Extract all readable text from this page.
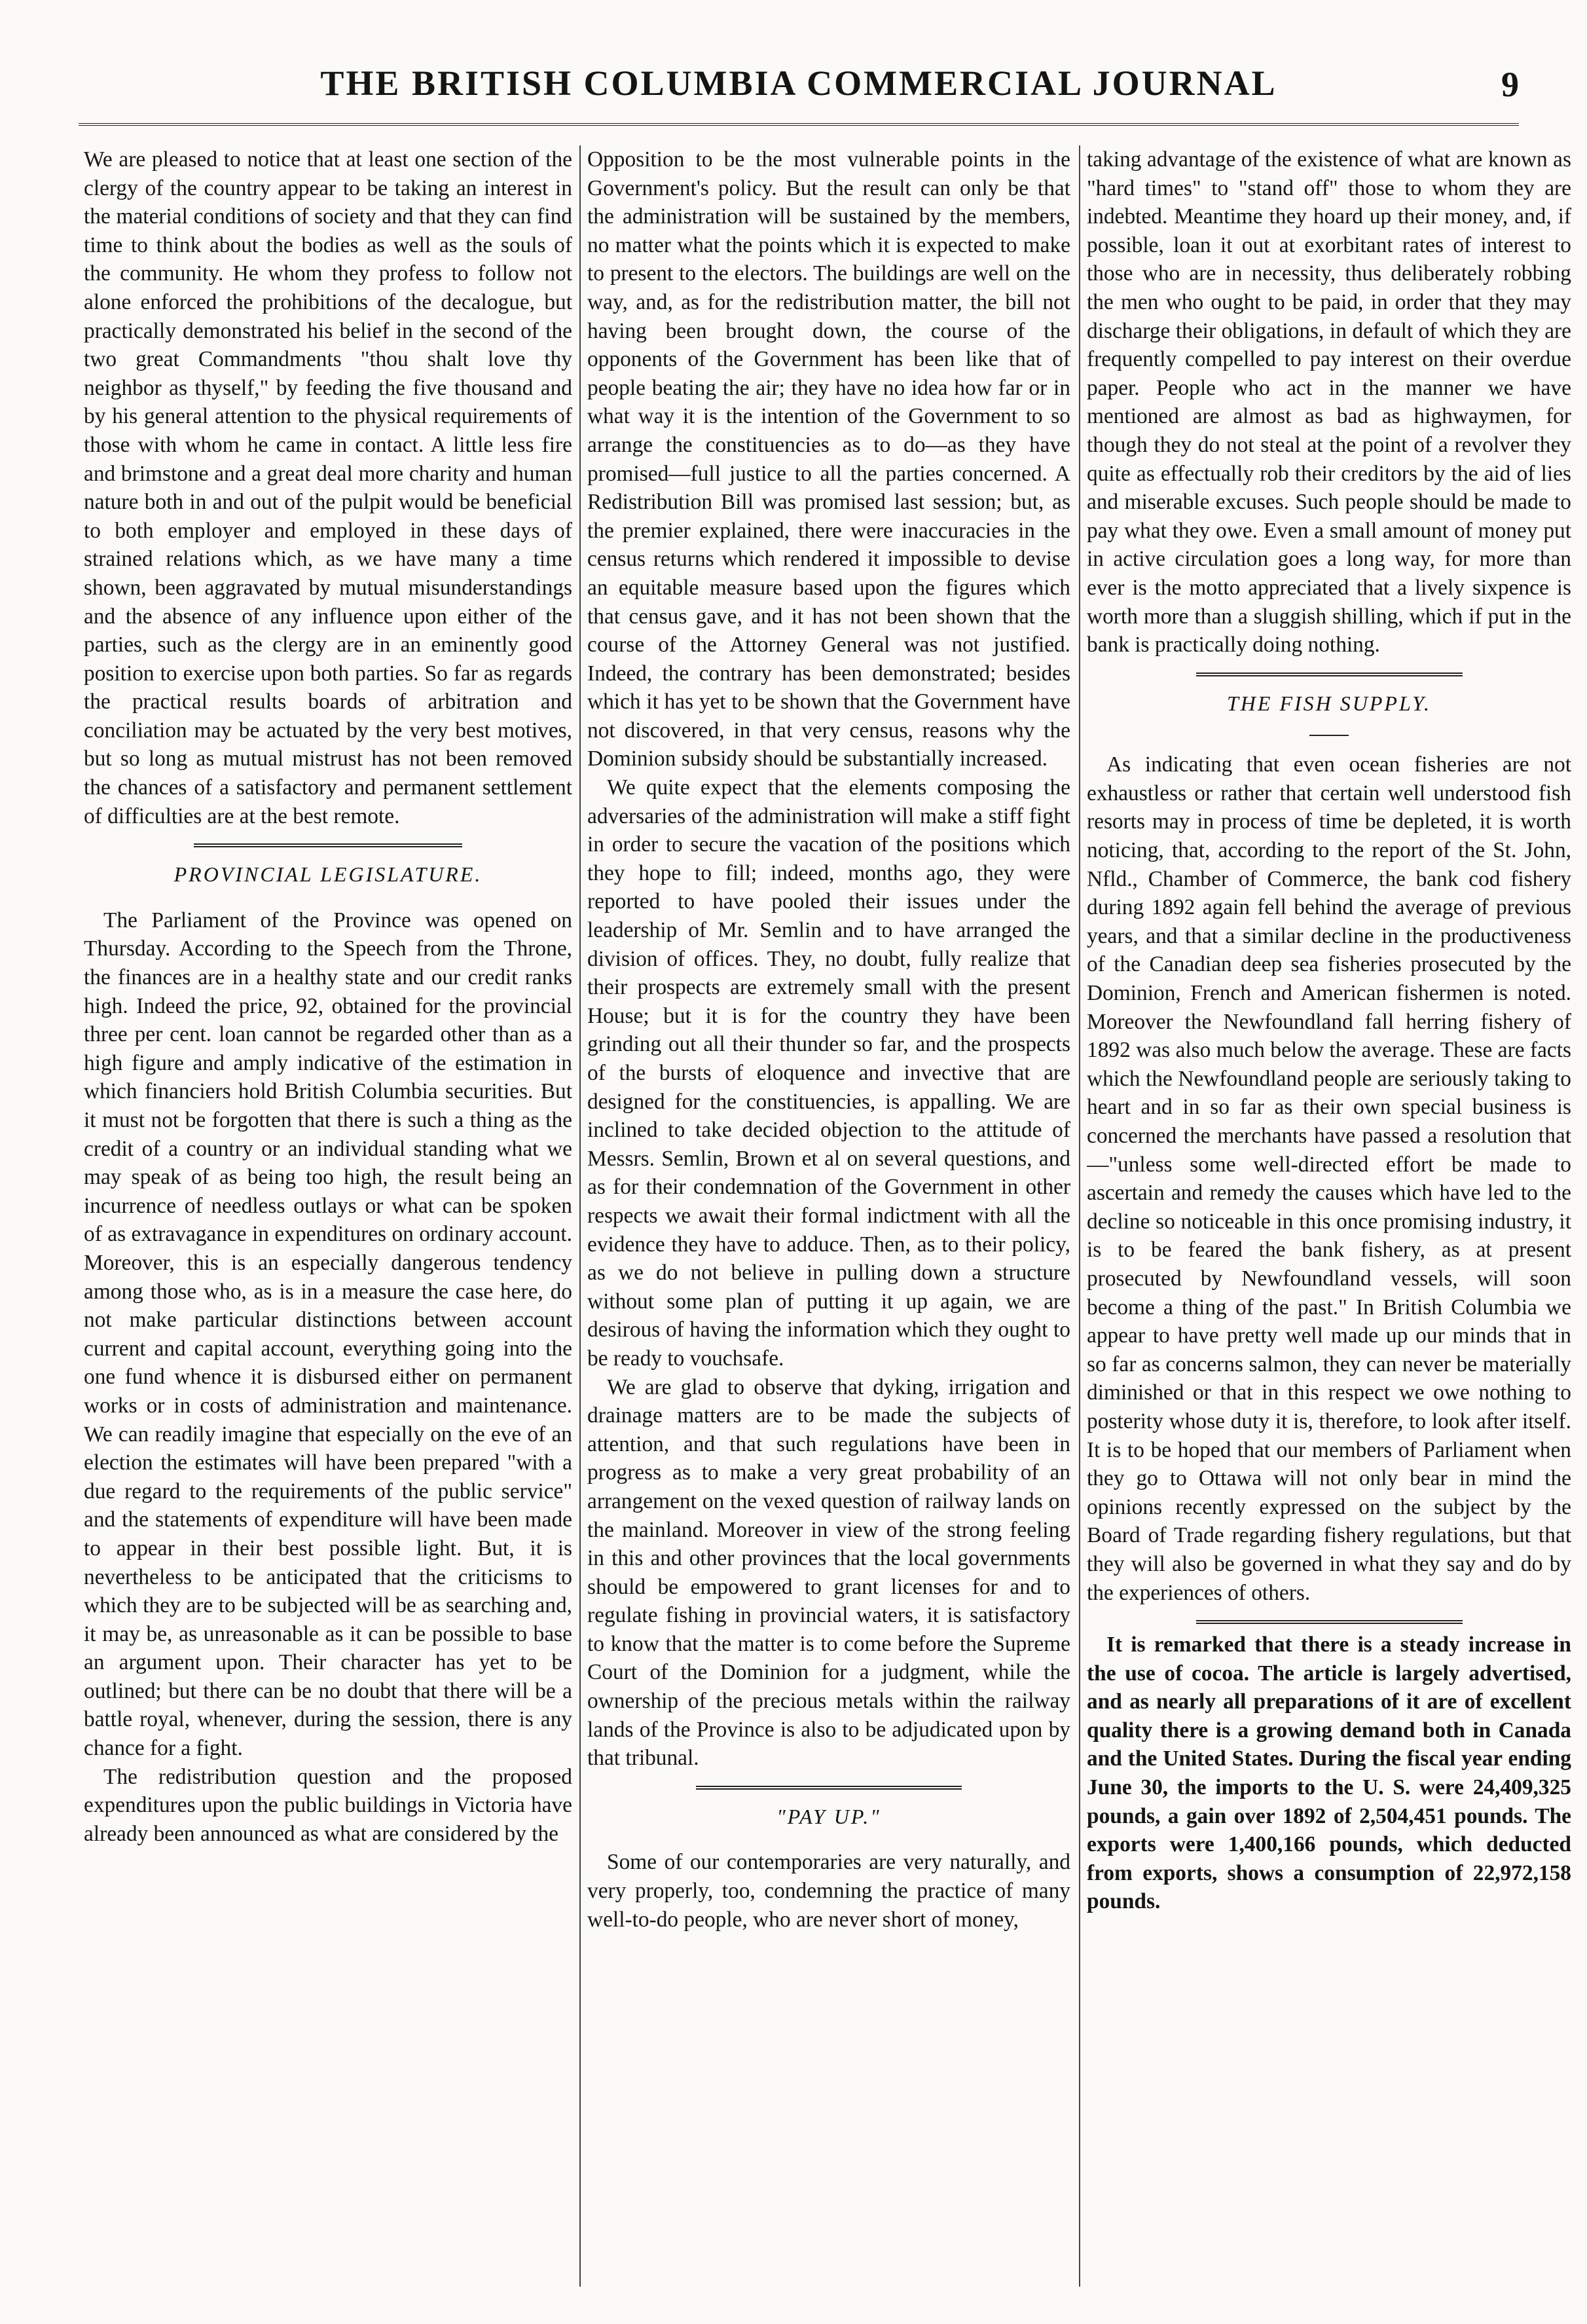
THE BRITISH COLUMBIA COMMERCIAL JOURNAL	9

We are pleased to notice that at least one section of the clergy of the country appear to be taking an interest in the material conditions of society and that they can find time to think about the bodies as well as the souls of the community. He whom they profess to follow not alone enforced the prohibitions of the decalogue, but practically demonstrated his belief in the second of the two great Commandments "thou shalt love thy neighbor as thyself," by feeding the five thousand and by his general attention to the physical requirements of those with whom he came in contact. A little less fire and brimstone and a great deal more charity and human nature both in and out of the pulpit would be beneficial to both employer and employed in these days of strained relations which, as we have many a time shown, been aggravated by mutual misunderstandings and the absence of any influence upon either of the parties, such as the clergy are in an eminently good position to exercise upon both parties. So far as regards the practical results boards of arbitration and conciliation may be actuated by the very best motives, but so long as mutual mistrust has not been removed the chances of a satisfactory and permanent settlement of difficulties are at the best remote.

PROVINCIAL LEGISLATURE.

The Parliament of the Province was opened on Thursday. According to the Speech from the Throne, the finances are in a healthy state and our credit ranks high. Indeed the price, 92, obtained for the provincial three per cent. loan cannot be regarded other than as a high figure and amply indicative of the estimation in which financiers hold British Columbia securities. But it must not be forgotten that there is such a thing as the credit of a country or an individual standing what we may speak of as being too high, the result being an incurrence of needless outlays or what can be spoken of as extravagance in expenditures on ordinary account. Moreover, this is an especially dangerous tendency among those who, as is in a measure the case here, do not make particular distinctions between account current and capital account, everything going into the one fund whence it is disbursed either on permanent works or in costs of administration and maintenance. We can readily imagine that especially on the eve of an election the estimates will have been prepared "with a due regard to the requirements of the public service" and the statements of expenditure will have been made to appear in their best possible light. But, it is nevertheless to be anticipated that the criticisms to which they are to be subjected will be as searching and, it may be, as unreasonable as it can be possible to base an argument upon. Their character has yet to be outlined; but there can be no doubt that there will be a battle royal, whenever, during the session, there is any chance for a fight.

The redistribution question and the proposed expenditures upon the public buildings in Victoria have already been announced as what are considered by the

Opposition to be the most vulnerable points in the Government's policy. But the result can only be that the administration will be sustained by the members, no matter what the points which it is expected to make to present to the electors. The buildings are well on the way, and, as for the redistribution matter, the bill not having been brought down, the course of the opponents of the Government has been like that of people beating the air; they have no idea how far or in what way it is the intention of the Government to so arrange the constituencies as to do—as they have promised—full justice to all the parties concerned. A Redistribution Bill was promised last session; but, as the premier explained, there were inaccuracies in the census returns which rendered it impossible to devise an equitable measure based upon the figures which that census gave, and it has not been shown that the course of the Attorney General was not justified. Indeed, the contrary has been demonstrated; besides which it has yet to be shown that the Government have not discovered, in that very census, reasons why the Dominion subsidy should be substantially increased.

We quite expect that the elements composing the adversaries of the administration will make a stiff fight in order to secure the vacation of the positions which they hope to fill; indeed, months ago, they were reported to have pooled their issues under the leadership of Mr. Semlin and to have arranged the division of offices. They, no doubt, fully realize that their prospects are extremely small with the present House; but it is for the country they have been grinding out all their thunder so far, and the prospects of the bursts of eloquence and invective that are designed for the constituencies, is appalling. We are inclined to take decided objection to the attitude of Messrs. Semlin, Brown et al on several questions, and as for their condemnation of the Government in other respects we await their formal indictment with all the evidence they have to adduce. Then, as to their policy, as we do not believe in pulling down a structure without some plan of putting it up again, we are desirous of having the information which they ought to be ready to vouchsafe.

We are glad to observe that dyking, irrigation and drainage matters are to be made the subjects of attention, and that such regulations have been in progress as to make a very great probability of an arrangement on the vexed question of railway lands on the mainland. Moreover in view of the strong feeling in this and other provinces that the local governments should be empowered to grant licenses for and to regulate fishing in provincial waters, it is satisfactory to know that the matter is to come before the Supreme Court of the Dominion for a judgment, while the ownership of the precious metals within the railway lands of the Province is also to be adjudicated upon by that tribunal.

"PAY UP."

Some of our contemporaries are very naturally, and very properly, too, condemning the practice of many well-to-do people, who are never short of money,

taking advantage of the existence of what are known as "hard times" to "stand off" those to whom they are indebted. Meantime they hoard up their money, and, if possible, loan it out at exorbitant rates of interest to those who are in necessity, thus deliberately robbing the men who ought to be paid, in order that they may discharge their obligations, in default of which they are frequently compelled to pay interest on their overdue paper. People who act in the manner we have mentioned are almost as bad as highwaymen, for though they do not steal at the point of a revolver they quite as effectually rob their creditors by the aid of lies and miserable excuses. Such people should be made to pay what they owe. Even a small amount of money put in active circulation goes a long way, for more than ever is the motto appreciated that a lively sixpence is worth more than a sluggish shilling, which if put in the bank is practically doing nothing.

THE FISH SUPPLY.

As indicating that even ocean fisheries are not exhaustless or rather that certain well understood fish resorts may in process of time be depleted, it is worth noticing, that, according to the report of the St. John, Nfld., Chamber of Commerce, the bank cod fishery during 1892 again fell behind the average of previous years, and that a similar decline in the productiveness of the Canadian deep sea fisheries prosecuted by the Dominion, French and American fishermen is noted. Moreover the Newfoundland fall herring fishery of 1892 was also much below the average. These are facts which the Newfoundland people are seriously taking to heart and in so far as their own special business is concerned the merchants have passed a resolution that—"unless some well-directed effort be made to ascertain and remedy the causes which have led to the decline so noticeable in this once promising industry, it is to be feared the bank fishery, as at present prosecuted by Newfoundland vessels, will soon become a thing of the past." In British Columbia we appear to have pretty well made up our minds that in so far as concerns salmon, they can never be materially diminished or that in this respect we owe nothing to posterity whose duty it is, therefore, to look after itself. It is to be hoped that our members of Parliament when they go to Ottawa will not only bear in mind the opinions recently expressed on the subject by the Board of Trade regarding fishery regulations, but that they will also be governed in what they say and do by the experiences of others.

It is remarked that there is a steady increase in the use of cocoa. The article is largely advertised, and as nearly all preparations of it are of excellent quality there is a growing demand both in Canada and the United States. During the fiscal year ending June 30, the imports to the U. S. were 24,409,325 pounds, a gain over 1892 of 2,504,451 pounds. The exports were 1,400,166 pounds, which deducted from exports, shows a consumption of 22,972,158 pounds.
